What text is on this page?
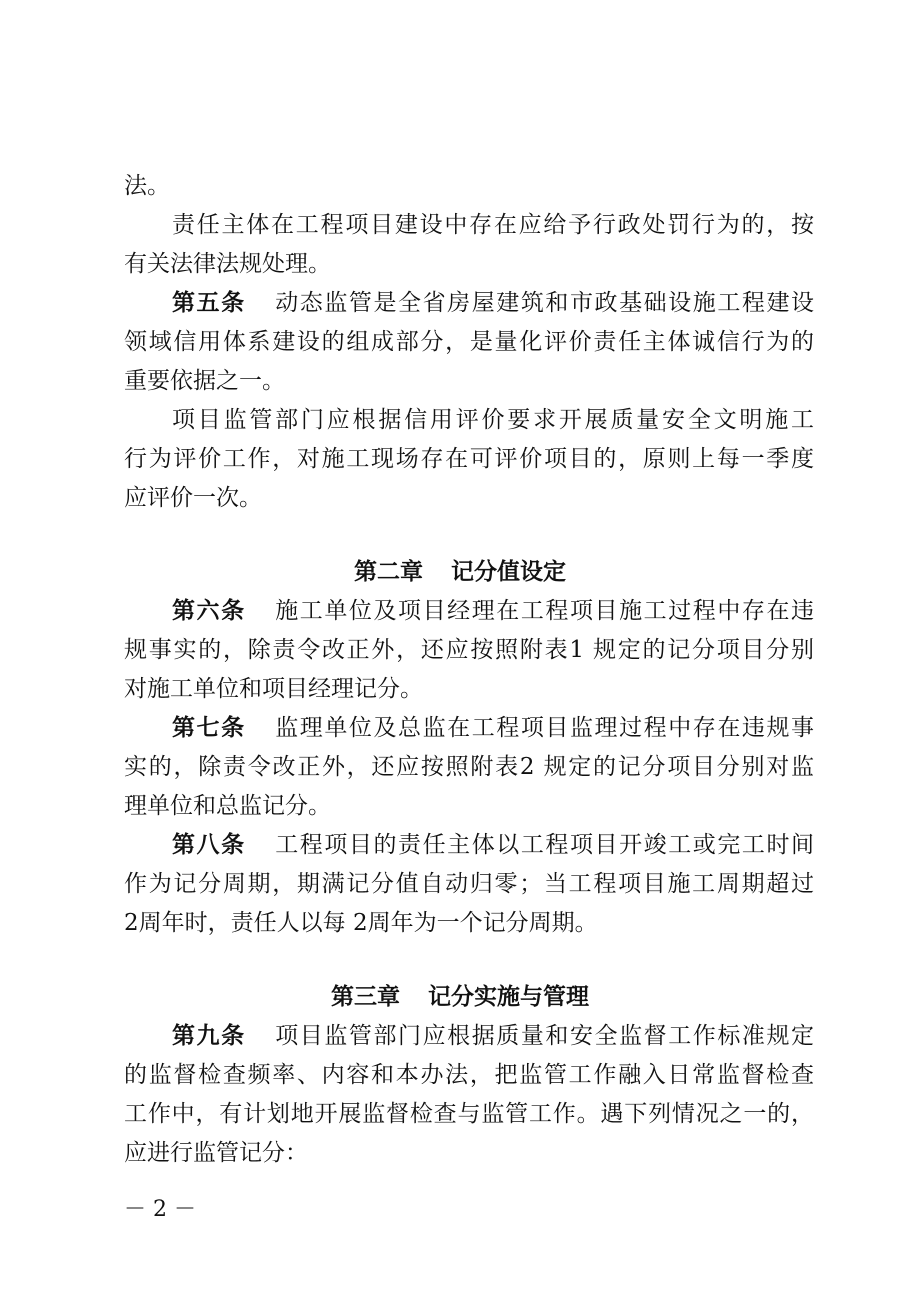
法。
责任主体在工程项目建设中存在应给予行政处罚行为的，按
有关法律法规处理。
第五条 动态监管是全省房屋建筑和市政基础设施工程建设
领域信用体系建设的组成部分，是量化评价责任主体诚信行为的
重要依据之一。
项目监管部门应根据信用评价要求开展质量安全文明施工
行为评价工作，对施工现场存在可评价项目的，原则上每一季度
应评价一次。
第二章 记分值设定
第六条 施工单位及项目经理在工程项目施工过程中存在违
规事实的，除责令改正外，还应按照附表1 规定的记分项目分别
对施工单位和项目经理记分。
第七条 监理单位及总监在工程项目监理过程中存在违规事
实的，除责令改正外，还应按照附表2 规定的记分项目分别对监
理单位和总监记分。
第八条 工程项目的责任主体以工程项目开竣工或完工时间
作为记分周期，期满记分值自动归零；当工程项目施工周期超过
2周年时，责任人以每 2周年为一个记分周期。
第三章 记分实施与管理
第九条 项目监管部门应根据质量和安全监督工作标准规定
的监督检查频率、内容和本办法，把监管工作融入日常监督检查
工作中，有计划地开展监督检查与监管工作。遇下列情况之一的，
应进行监管记分：
－ 2 －
